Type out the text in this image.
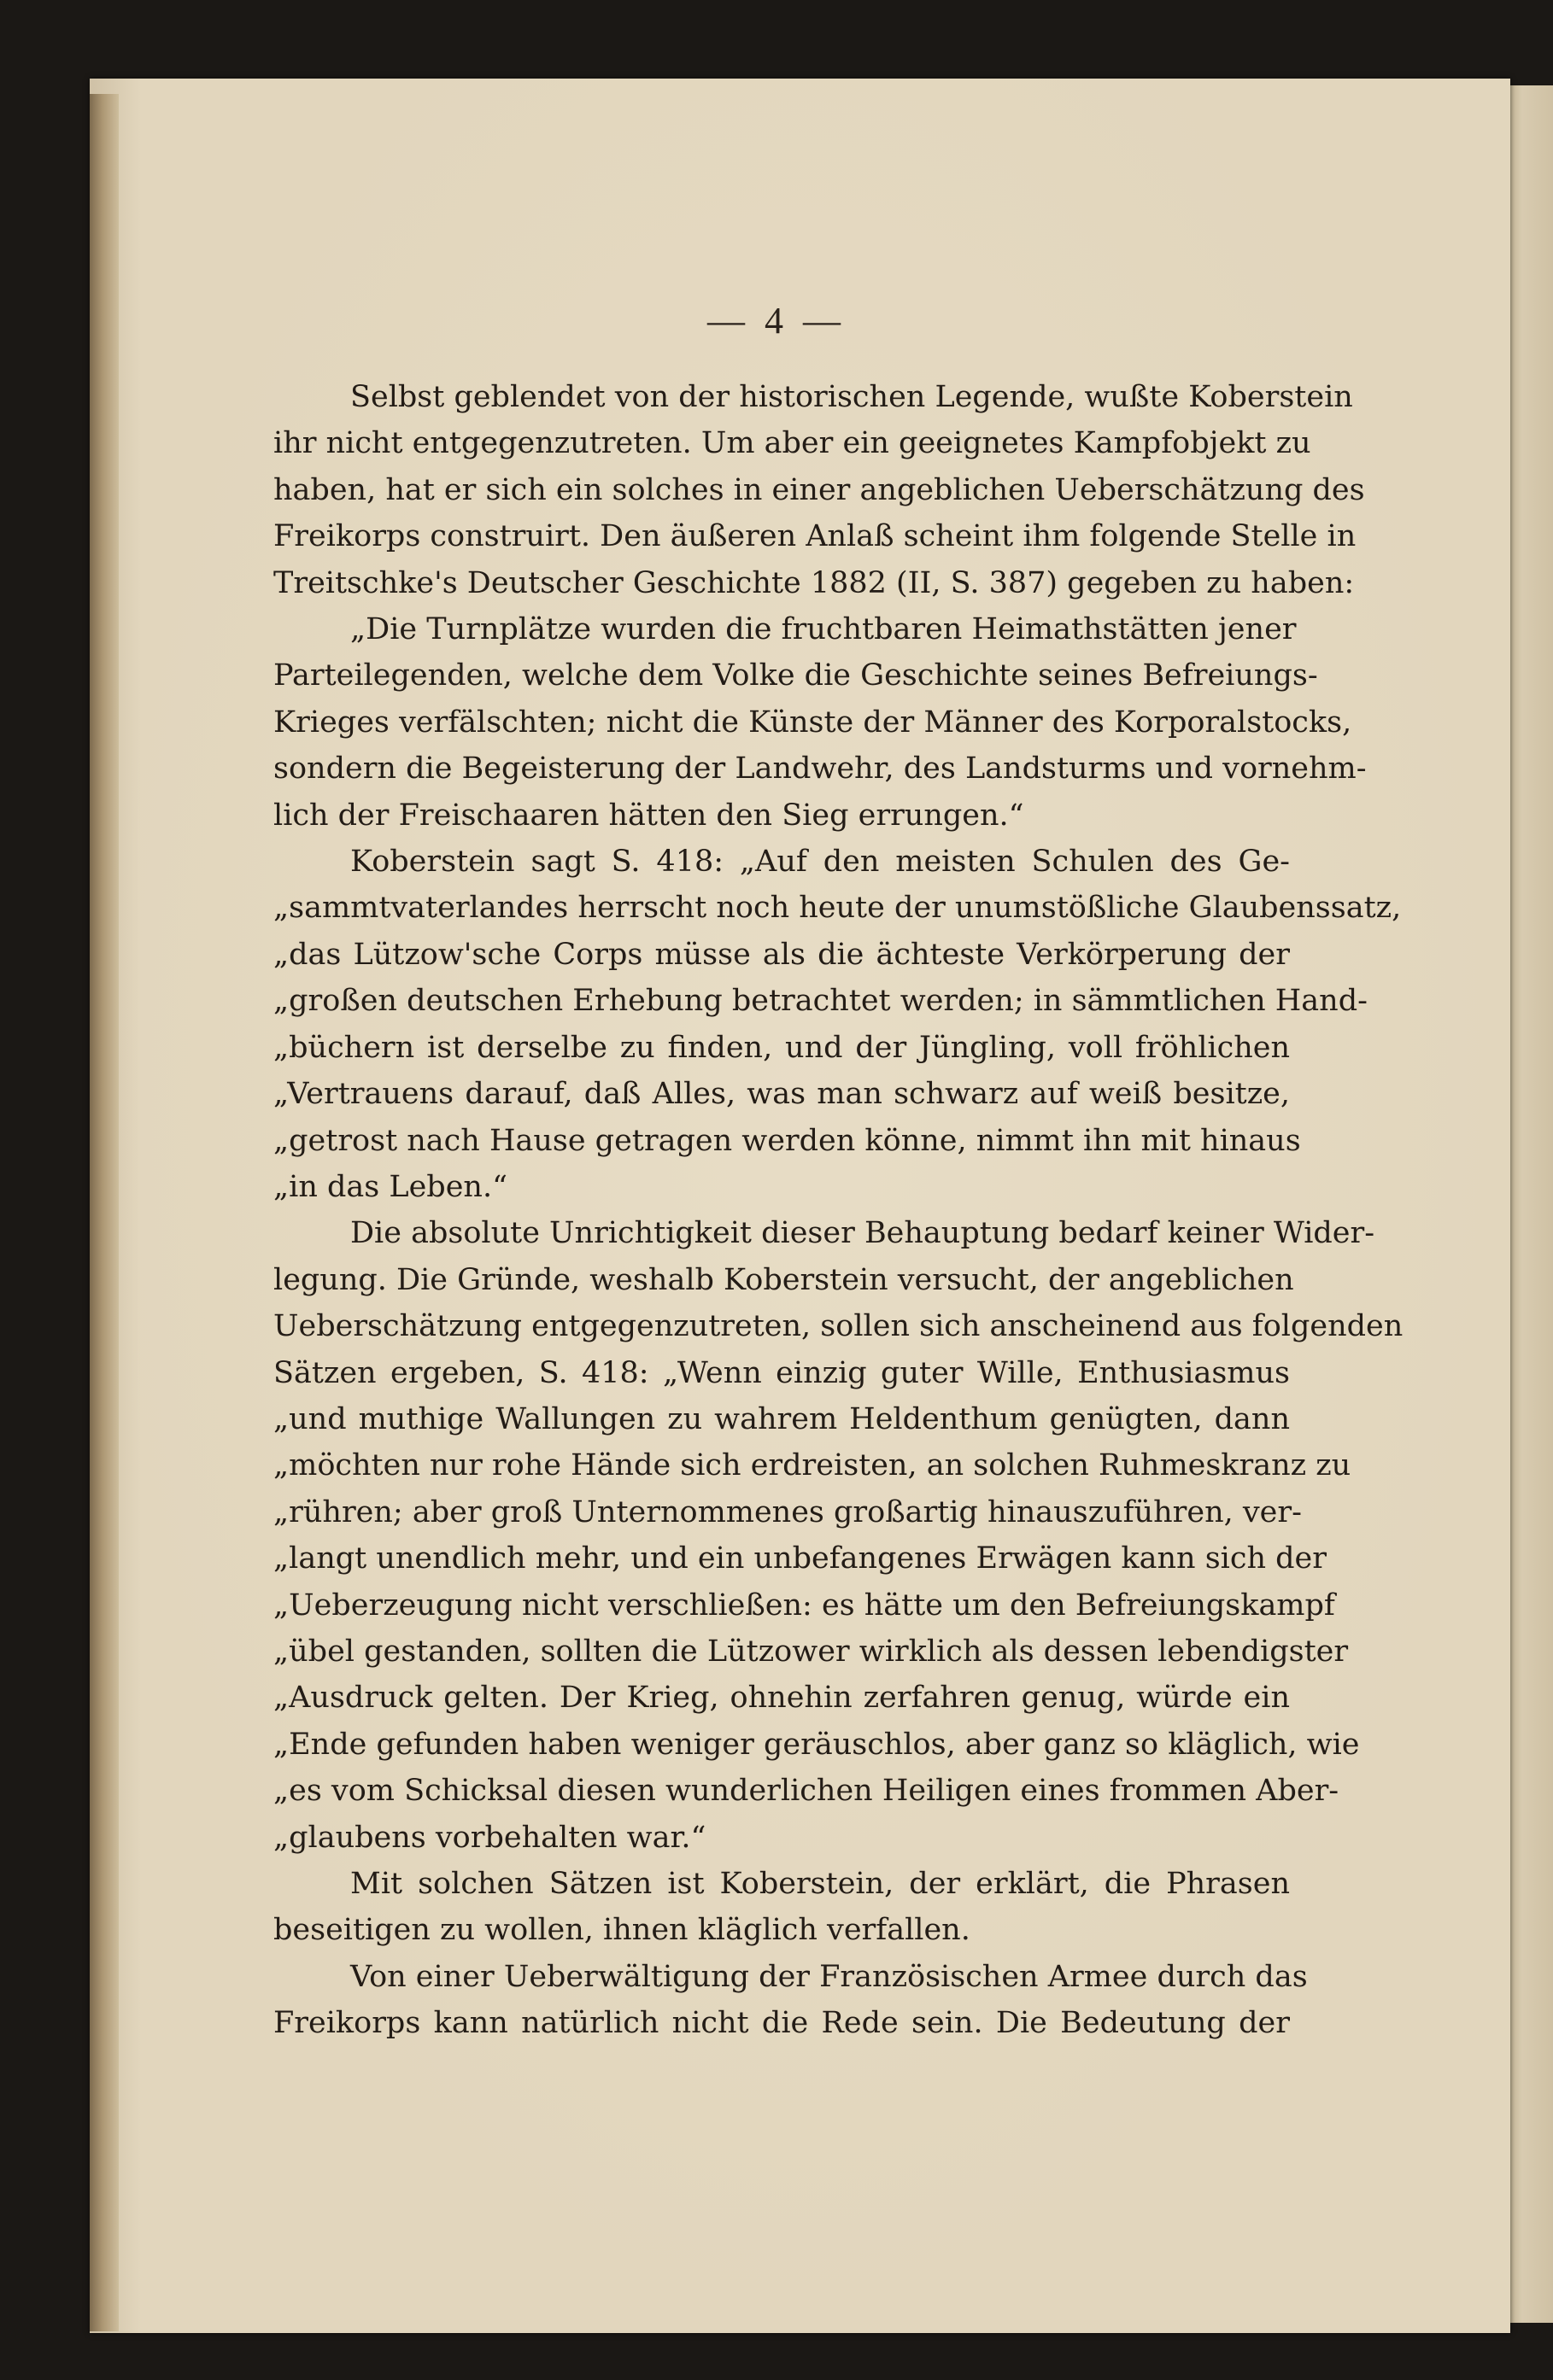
— 4 —
Selbst geblendet von der historischen Legende, wußte Koberstein
ihr nicht entgegenzutreten. Um aber ein geeignetes Kampfobjekt zu
haben, hat er sich ein solches in einer angeblichen Ueberschätzung des
Freikorps construirt. Den äußeren Anlaß scheint ihm folgende Stelle in
Treitschke's Deutscher Geschichte 1882 (II, S. 387) gegeben zu haben:
„Die Turnplätze wurden die fruchtbaren Heimathstätten jener
Parteilegenden, welche dem Volke die Geschichte seines Befreiungs-
Krieges verfälschten; nicht die Künste der Männer des Korporalstocks,
sondern die Begeisterung der Landwehr, des Landsturms und vornehm-
lich der Freischaaren hätten den Sieg errungen.“
Koberstein sagt S. 418: „Auf den meisten Schulen des Ge-
„sammtvaterlandes herrscht noch heute der unumstößliche Glaubenssatz,
„das Lützow'sche Corps müsse als die ächteste Verkörperung der
„großen deutschen Erhebung betrachtet werden; in sämmtlichen Hand-
„büchern ist derselbe zu finden, und der Jüngling, voll fröhlichen
„Vertrauens darauf, daß Alles, was man schwarz auf weiß besitze,
„getrost nach Hause getragen werden könne, nimmt ihn mit hinaus
„in das Leben.“
Die absolute Unrichtigkeit dieser Behauptung bedarf keiner Wider-
legung. Die Gründe, weshalb Koberstein versucht, der angeblichen
Ueberschätzung entgegenzutreten, sollen sich anscheinend aus folgenden
Sätzen ergeben, S. 418: „Wenn einzig guter Wille, Enthusiasmus
„und muthige Wallungen zu wahrem Heldenthum genügten, dann
„möchten nur rohe Hände sich erdreisten, an solchen Ruhmeskranz zu
„rühren; aber groß Unternommenes großartig hinauszuführen, ver-
„langt unendlich mehr, und ein unbefangenes Erwägen kann sich der
„Ueberzeugung nicht verschließen: es hätte um den Befreiungskampf
„übel gestanden, sollten die Lützower wirklich als dessen lebendigster
„Ausdruck gelten. Der Krieg, ohnehin zerfahren genug, würde ein
„Ende gefunden haben weniger geräuschlos, aber ganz so kläglich, wie
„es vom Schicksal diesen wunderlichen Heiligen eines frommen Aber-
„glaubens vorbehalten war.“
Mit solchen Sätzen ist Koberstein, der erklärt, die Phrasen
beseitigen zu wollen, ihnen kläglich verfallen.
Von einer Ueberwältigung der Französischen Armee durch das
Freikorps kann natürlich nicht die Rede sein. Die Bedeutung der
